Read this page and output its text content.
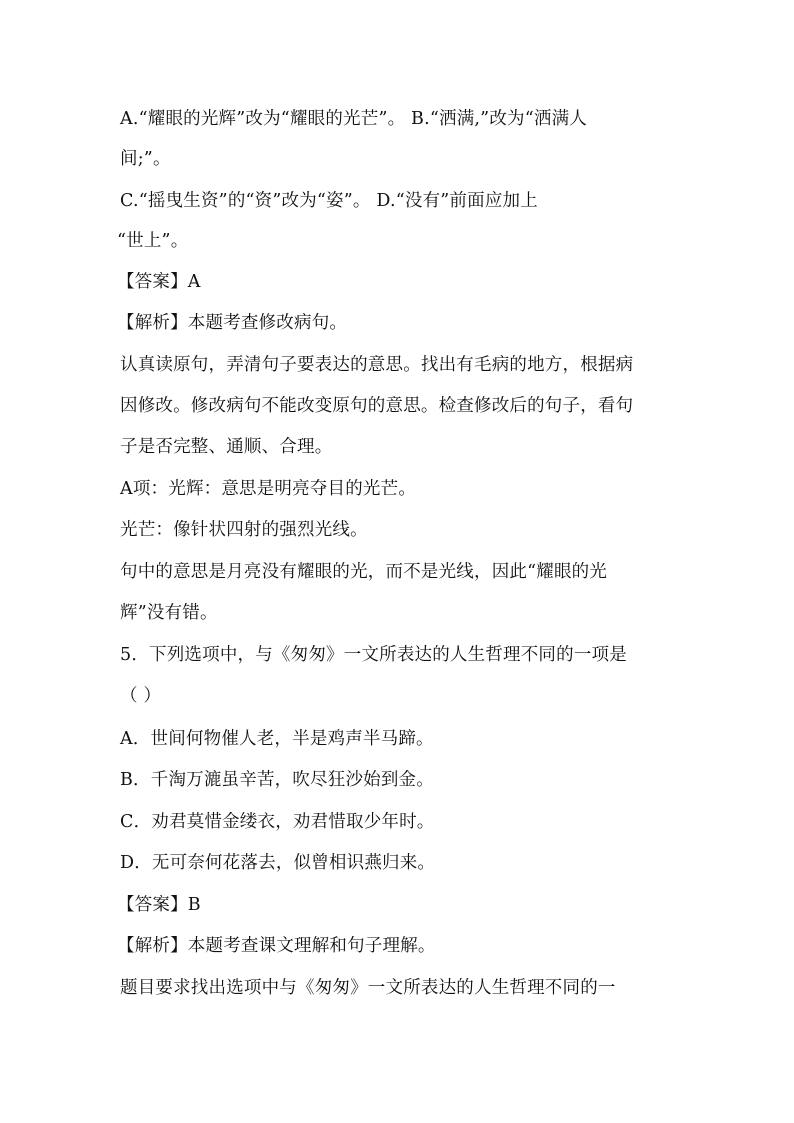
A.“耀眼的光辉”改为“耀眼的光芒”。 B.“洒满,”改为“洒满人
间;”。
C.“摇曳生资”的“资”改为“姿”。 D.“没有”前面应加上
“世上”。
【答案】A
【解析】本题考查修改病句。
认真读原句，弄清句子要表达的意思。找出有毛病的地方，根据病
因修改。修改病句不能改变原句的意思。检查修改后的句子，看句
子是否完整、通顺、合理。
A项：光辉：意思是明亮夺目的光芒。
光芒：像针状四射的强烈光线。
句中的意思是月亮没有耀眼的光，而不是光线，因此“耀眼的光
辉”没有错。
5．下列选项中，与《匆匆》一文所表达的人生哲理不同的一项是
（ ）
A．世间何物催人老，半是鸡声半马蹄。
B．千淘万漉虽辛苦，吹尽狂沙始到金。
C．劝君莫惜金缕衣，劝君惜取少年时。
D．无可奈何花落去，似曾相识燕归来。
【答案】B
【解析】本题考查课文理解和句子理解。
题目要求找出选项中与《匆匆》一文所表达的人生哲理不同的一
